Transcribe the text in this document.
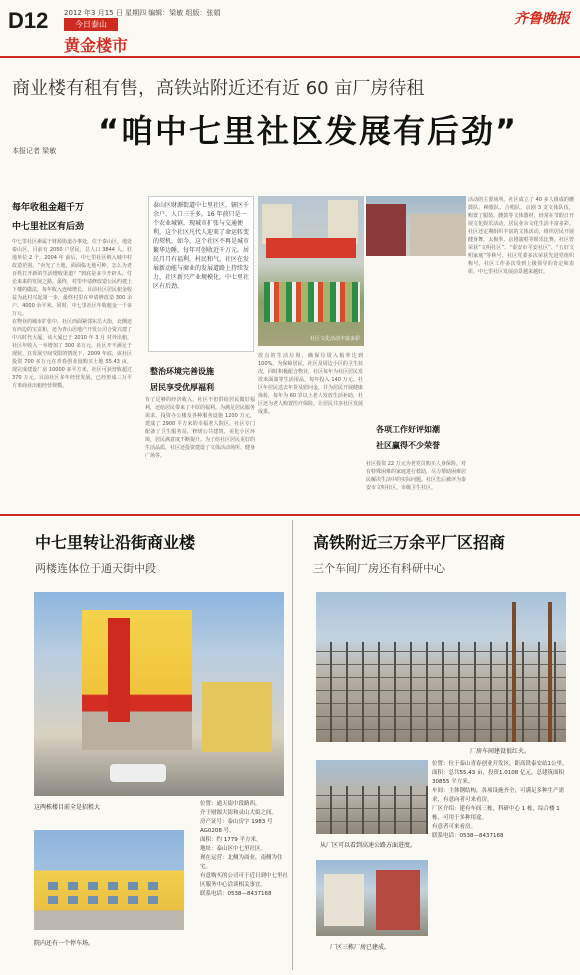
D12 2012 年3 月15 日 星期四 编辑：梁敏 组版：张娟
今日泰山
黄金楼市
齐鲁晚报
商业楼有租有售，高铁站附近还有近 60 亩厂房待租
“咱中七里社区发展有后劲”
本报记者 梁敏
每年收租金超千万
中七里社区有后劲

中七里社区素属于财源街道办事处，位于泰山区，地处泰山区。目前有 2050 户居民，总人口 3844 人。驻地单位 2 个。2004 年 前后，中七里社区纳入城中村改造范围。“卖光了土地，面面临无地可种，怎么为老百姓打开新的生活增收渠道？”到底是多少开辟头，付论来来的发展之路。最终，村里申请修改造公民约建上下楼的做法，每年收入连续增长。目前社区居民租金收益为此村兴起第一步，最终村里在申请修改造 300 余户、4000 余平米。同时，中七里社区年收租金一千多万元。

在物业的城市扩张中，社区西面紧邻东岳大街，北侧还有西边的宝贡和，还为青山居地产开发公司合资兴建了中兴时代大厦，该大厦已于 2010 年 3 月 对外出租。社区年收入一举增加了 300 多万元。社区开不满足于现状，在发展空间受限的情况下，2009 年底，该社区投资 700 多万元在青春创业园购买土地 55.43 亩，现完成建设厂房 10000 多平方米，社区可获营收超过 370 万元。目前社区多年经营发展，已经形成三万平方米商业出租经营规模。

泰山区财源街道中七里社区，辖区千余户，人口三千多。16 年前只是一个农业城镇，现城市扩张与交通便利，这个社区凡代人迎来了命运转变的契机。如今，这个社区不再是城市繁华边陲，每年可创收近千万元。居民月月有福利，村民和气，社区在发展新动能与商业的发展道路上持续发力，社区新兴产业规模化，中七里社区有后劲。
整治环境完善设施
居民享受优厚福利
有了足够的经济收入，社区不但供给居民做好福利，还给居民带来了丰厚的福利。为满足居民服务需求，投资办公楼及各种服务设施 1200 万元，建成了 2900 平方米的幸福老人院区，社区专门配备了卫生服务站，修缮公共建筑，美化小区环境，居民满意度不断提升。为了给社区居民更好的生活品质，社区还投资建设了文体活动场所、健身广场等。
社区文化活动丰富多彩
放点的生活垃圾，确保垃圾入箱率达到 100%。为保障居民，社区及周边小区的卫生状况，同时积极配合物业，社区每年为社区居民发放米面油等生活用品，每年投入 140 万元。社区年居民送去年货及慰问金，并为居民开展健康体检，每年为 60 岁以上老人发放生活补助，社区还为老人购置医疗保险，让居民共享社区发展成果。
各项工作好评如潮
社区赢得不少荣誉
社区投资 22 万元为老党员购买人身保险，对有特殊困难的家庭进行救助，尽力帮助困难居民解决生活中的实际问题。社区先后被评为泰安市文明社区、市级卫生社区。
活动的主要场所。社区成立了 40 多人组成的腰鼓队、秧歌队、合唱队、京剧 3 支文体队伍，购置了服装、腰鼓等文体器材，经常在节假日开展文化娱乐活动，居民业余文化生活丰富多彩。社区还定期组织丰富的文体活动，组织居民开展健身舞、太极拳、京剧演唱等娱乐比赛，社区曾荣获“文明社区”、“泰安市平安社区”、“五好文明家庭”等称号。社区党委多次荣获先进党组织称号，社区工作多次受到上级领导的肯定和表彰，中七里社区发展前景越来越好。
中七里转让沿街商业楼
两楼连体位于通天街中段
这两栋楼目前全是招租大
院内还有一个停车场。
位置：通天街中段路西，
介于财源大街和灵山大街之间。
房产证号：泰山房字 1983 号 AG0208 号。
面积：约 1779 平方米。
地址：泰山区中七里社区。
现在运营：北侧为商业，南侧为住宅。
有意购买的公司可于近日到中七里社区服务中心洽谈相关事宜。
联系电话：0538—8437168
高铁附近三万余平厂区招商
三个车间厂房还有科研中心
厂房车间建设很红火。
从厂区可以看到高速公路方面进度。
厂区三栋厂房已建成。
位置：位于泰山青春创业开发区，距高铁泰安站1公里。
面积：总共55.43 亩，投资1.0108 亿元。总建筑面积30855 平方米。
车间：主体钢结构，各项设施齐全，可满足多种生产需求，有意向者可来看房。
厂区介绍：建有车间三栋，科研中心 1 栋，综合楼 1 栋，可用于多种用途。
有意者可来看房。
联系电话：0538—8437168
